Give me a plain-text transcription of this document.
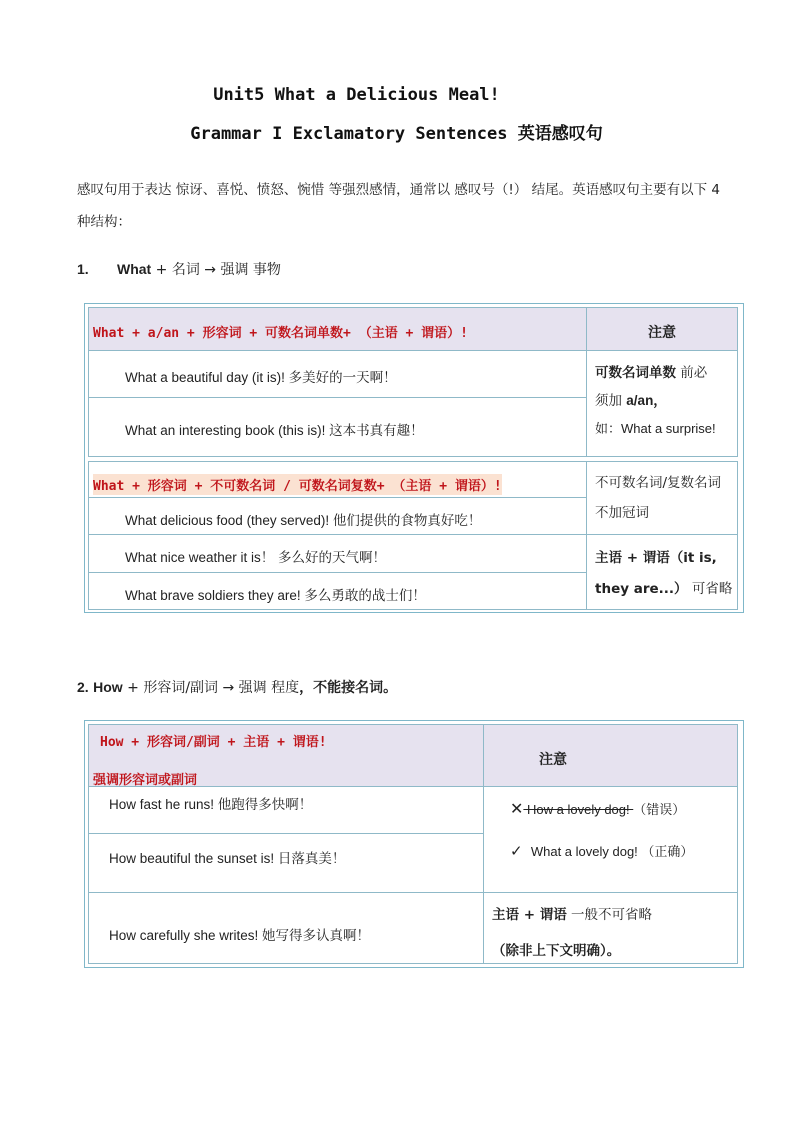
Unit5 What a Delicious Meal!
Grammar I Exclamatory Sentences 英语感叹句
感叹句用于表达 惊讶、喜悦、愤怒、惋惜 等强烈感情，通常以 感叹号（!） 结尾。英语感叹句主要有以下 4 种结构：
1. What + 名词 → 强调 事物
What + a/an + 形容词 + 可数名词单数+ （主语 + 谓语）!	注意
What a beautiful day (it is)! 多美好的一天啊！
What an interesting book (this is)! 这本书真有趣！
可数名词单数 前必
须加 a/an，
如：What a surprise!
What + 形容词 + 不可数名词 / 可数名词复数+ （主语 + 谓语）!
What delicious food (they served)! 他们提供的食物真好吃！
不可数名词/复数名词 不加冠词
What nice weather it is！ 多么好的天气啊！
What brave soldiers they are! 多么勇敢的战士们！
主语 + 谓语（it is, they are...） 可省略
2. How + 形容词/副词 → 强调 程度，不能接名词。
How + 形容词/副词 + 主语 + 谓语!
强调形容词或副词
注意
How fast he runs! 他跑得多快啊！
How beautiful the sunset is! 日落真美！
✕ How a lovely dog! （错误）
✓ What a lovely dog! （正确）
How carefully she writes! 她写得多认真啊！
主语 + 谓语 一般不可省略
（除非上下文明确）。
